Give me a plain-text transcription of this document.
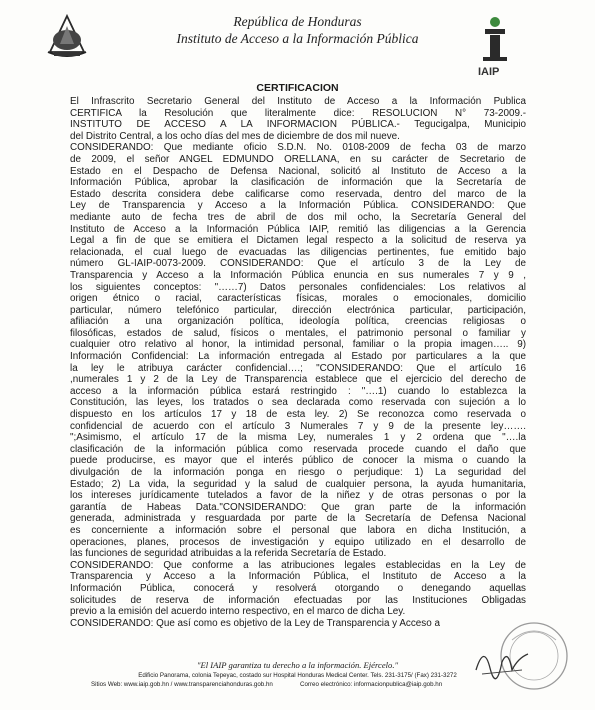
República de Honduras
Instituto de Acceso a la Información Pública
IAIP
CERTIFICACION
El Infrascrito Secretario General del Instituto de Acceso a la Información Publica
CERTIFICA la Resolución que literalmente dice: RESOLUCION N° 73-2009.-
INSTITUTO DE ACCESO A LA INFORMACION PÚBLICA.- Tegucigalpa, Municipio
del Distrito Central, a los ocho días del mes de diciembre de dos mil nueve.
CONSIDERANDO: Que mediante oficio S.D.N. No. 0108-2009 de fecha 03 de marzo
de 2009, el señor ANGEL EDMUNDO ORELLANA, en su carácter de Secretario de
Estado en el Despacho de Defensa Nacional, solicitó al Instituto de Acceso a la
Información Pública, aprobar la clasificación de información que la Secretaría de
Estado descrita considera debe calificarse como reservada, dentro del marco de la
Ley de Transparencia y Acceso a la Información Pública. CONSIDERANDO: Que
mediante auto de fecha tres de abril de dos mil ocho, la Secretaría General del
Instituto de Acceso a la Información Pública IAIP, remitió las diligencias a la Gerencia
Legal a fin de que se emitiera el Dictamen legal respecto a la solicitud de reserva ya
relacionada, el cual luego de evacuadas las diligencias pertinentes, fue emitido bajo
número GL-IAIP-0073-2009. CONSIDERANDO: Que el artículo 3 de la Ley de
Transparencia y Acceso a la Información Pública enuncia en sus numerales 7 y 9 ,
los siguientes conceptos: "……7) Datos personales confidenciales: Los relativos al
origen étnico o racial, características físicas, morales o emocionales, domicilio
particular, número telefónico particular, dirección electrónica particular, participación,
afiliación a una organización política, ideología política, creencias religiosas o
filosóficas, estados de salud, físicos o mentales, el patrimonio personal o familiar y
cualquier otro relativo al honor, la intimidad personal, familiar o la propia imagen….. 9)
Información Confidencial: La información entregada al Estado por particulares a la que
la ley le atribuya carácter confidencial….; "CONSIDERANDO: Que el artículo 16
,numerales 1 y 2 de la Ley de Transparencia establece que el ejercicio del derecho de
acceso a la información pública estará restringido : "….1) cuando lo establezca la
Constitución, las leyes, los tratados o sea declarada como reservada con sujeción a lo
dispuesto en los artículos 17 y 18 de esta ley. 2) Se reconozca como reservada o
confidencial de acuerdo con el artículo 3 Numerales 7 y 9 de la presente ley…….
";Asimismo, el artículo 17 de la misma Ley, numerales 1 y 2 ordena que "….la
clasificación de la información pública como reservada procede cuando el daño que
puede producirse, es mayor que el interés público de conocer la misma o cuando la
divulgación de la información ponga en riesgo o perjudique: 1) La seguridad del
Estado; 2) La vida, la seguridad y la salud de cualquier persona, la ayuda humanitaria,
los intereses jurídicamente tutelados a favor de la niñez y de otras personas o por la
garantía de Habeas Data."CONSIDERANDO: Que gran parte de la información
generada, administrada y resguardada por parte de la Secretaría de Defensa Nacional
es concerniente a información sobre el personal que labora en dicha Institución, a
operaciones, planes, procesos de investigación y equipo utilizado en el desarrollo de
las funciones de seguridad atribuidas a la referida Secretaría de Estado.
CONSIDERANDO: Que conforme a las atribuciones legales establecidas en la Ley de
Transparencia y Acceso a la Información Pública, el Instituto de Acceso a la
Información Pública, conocerá y resolverá otorgando o denegando aquellas
solicitudes de reserva de información efectuadas por las Instituciones Obligadas
previo a la emisión del acuerdo interno respectivo, en el marco de dicha Ley.
CONSIDERANDO: Que así como es objetivo de la Ley de Transparencia y Acceso a
"El IAIP garantiza tu derecho a la información. Ejércelo."
Edificio Panorama, colonia Tepeyac, costado sur Hospital Honduras Medical Center. Tels. 231-3175/ (Fax) 231-3272
Sitios Web: www.iaip.gob.hn / www.transparenciahonduras.gob.hn	Correo electrónico: informacionpublica@iaip.gob.hn
